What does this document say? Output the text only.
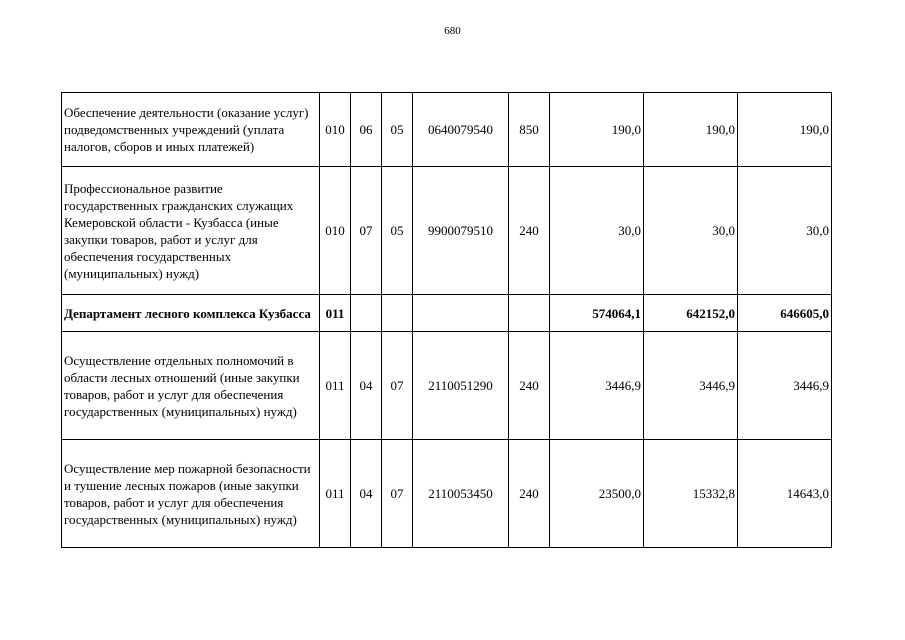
680
Обеспечение деятельности (оказание услуг) подведомственных учреждений (уплата налогов, сборов и иных платежей)	010	06	05	0640079540	850	190,0	190,0	190,0
Профессиональное развитие государственных гражданских служащих Кемеровской области - Кузбасса (иные закупки товаров, работ и услуг для обеспечения государственных (муниципальных) нужд)	010	07	05	9900079510	240	30,0	30,0	30,0
Департамент лесного комплекса Кузбасса	011					574064,1	642152,0	646605,0
Осуществление отдельных полномочий в области лесных отношений (иные закупки товаров, работ и услуг для обеспечения государственных (муниципальных) нужд)	011	04	07	2110051290	240	3446,9	3446,9	3446,9
Осуществление мер пожарной безопасности и тушение лесных пожаров (иные закупки товаров, работ и услуг для обеспечения государственных (муниципальных) нужд)	011	04	07	2110053450	240	23500,0	15332,8	14643,0
